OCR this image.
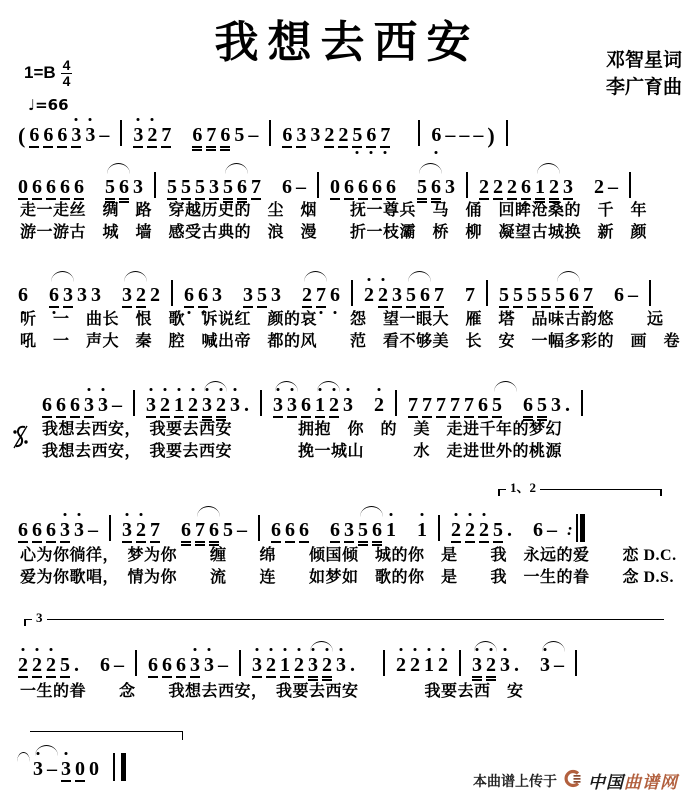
我想去西安
$1=B \frac{4}{4}$
♩=66
邓智星词
李广育曲
( 6 6 6 3 3 – 3 2 7 6 7 6 5 – 6 3 3 2 2 5 6 7 6 – – – )
0 6 6 6 6 5 6 3 5 5 5 3 5 6 7 6 – 0 6 6 6 6 5 6 3 2 2 2 6 1 2 3 2 –
走一走丝　绸　路　穿越历史的　尘　烟　　抚一尊兵　马　俑　回眸沧桑的　千　年
游一游古　城　墙　感受古典的　浪　漫　　折一枝灞　桥　柳　凝望古城换　新　颜
6 6 3 3 3 3 2 2 6 6 3 3 5 3 2 7 6 2 2 3 5 6 7 7 5 5 5 5 5 6 7 6 –
听　一　曲长　恨　歌　诉说红　颜的哀　　怨　望一眼大　雁　塔　品味古韵悠　　远
吼　一　声大　秦　腔　喊出帝　都的风　　范　看不够美　长　安　一幅多彩的　画　卷
6 6 6 3 3 – 3 2 1 2 3 2 3 . 3 3 6 1 2 3 2 7 7 7 7 7 6 5 6 5 3 .
我想去西安，　我要去西安　　　　拥抱　你　的　美　走进千年的梦幻
我想去西安，　我要去西安　　　　挽一城山　　　水　走进世外的桃源
1、2
6 6 6 3 3 – 3 2 7 6 7 6 5 – 6 6 6 6 3 5 6 1 1 2 2 2 5 . 6 – :
心为你徜徉，　梦为你　　缠　　绵　　倾国倾　城的你　是　　我　永远的爱　　恋 D.C.
爱为你歌唱，　情为你　　流　　连　　如梦如　歌的你　是　　我　一生的眷　　念 D.S.
3
2 2 2 5 . 6 – 6 6 6 3 3 – 3 2 1 2 3 2 3 . 2 2 1 2 3 2 3 . 3 –
一生的眷　　念　　我想去西安，　我要去西安　　　　我要去西　安
3 – 3 0 0
本曲谱上传于 中国曲谱网
